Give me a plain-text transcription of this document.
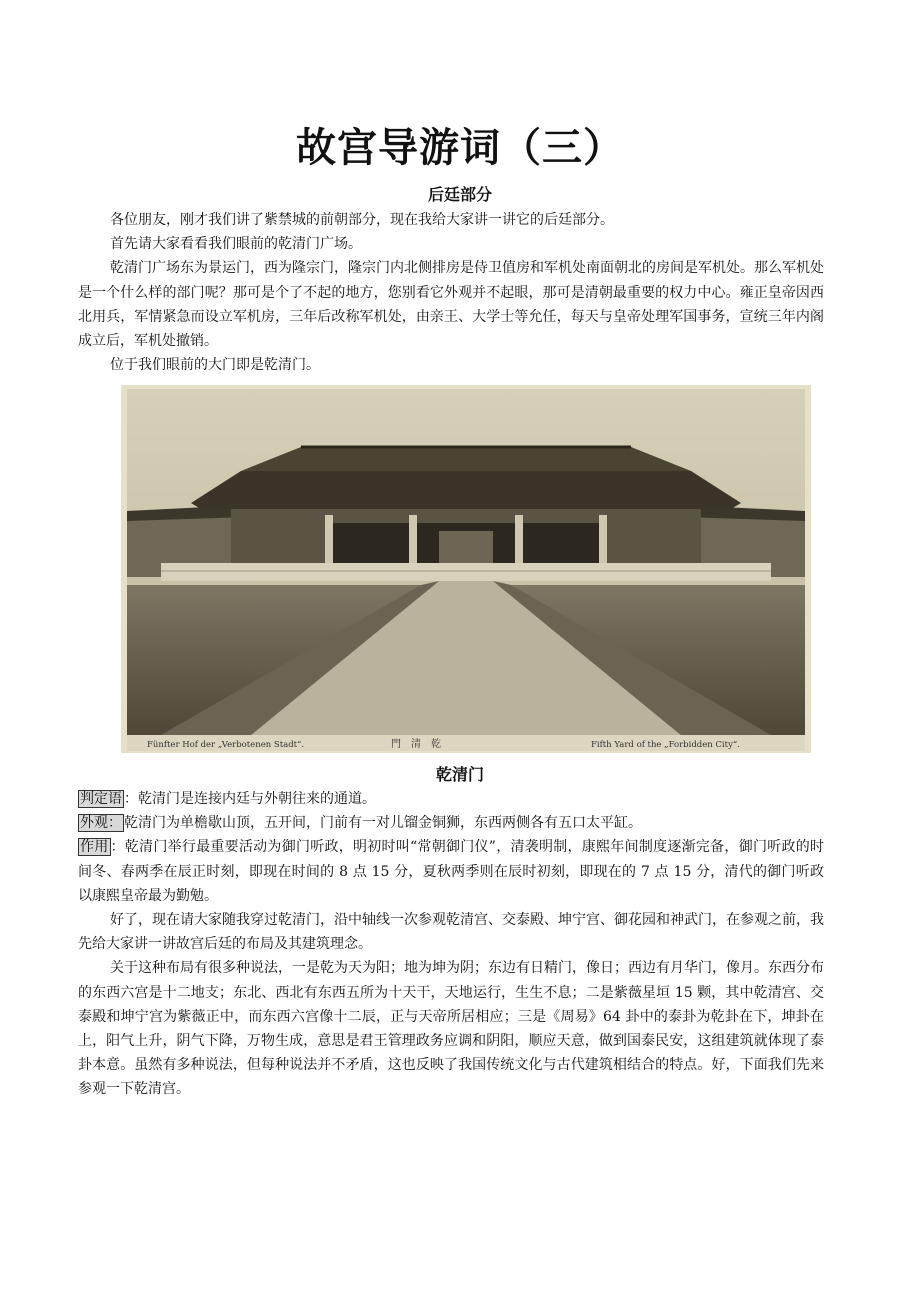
故宫导游词（三）
后廷部分

各位朋友，刚才我们讲了紫禁城的前朝部分，现在我给大家讲一讲它的后廷部分。

首先请大家看看我们眼前的乾清门广场。

乾清门广场东为景运门，西为隆宗门，隆宗门内北侧排房是侍卫值房和军机处南面朝北的房间是军机处。那么军机处是一个什么样的部门呢？那可是个了不起的地方，您别看它外观并不起眼，那可是清朝最重要的权力中心。雍正皇帝因西北用兵，军情紧急而设立军机房，三年后改称军机处，由亲王、大学士等允任，每天与皇帝处理军国事务，宣统三年内阁成立后，军机处撤销。

位于我们眼前的大门即是乾清门。

Fünfter Hof der „Verbotenen Stadt“.	門　清　乾	Fifth Yard of the „Forbidden City“.
乾清门

判定语 ：乾清门是连接内廷与外朝往来的通道。

外观： 乾清门为单檐歇山顶，五开间，门前有一对儿镏金铜狮，东西两侧各有五口太平缸。

作用 ：乾清门举行最重要活动为御门听政，明初时叫“常朝御门仪”，清袭明制，康熙年间制度逐渐完备，御门听政的时间冬、春两季在辰正时刻，即现在时间的 8 点 15 分，夏秋两季则在辰时初刻，即现在的 7 点 15 分，清代的御门听政以康熙皇帝最为勤勉。

好了，现在请大家随我穿过乾清门，沿中轴线一次参观乾清宫、交泰殿、坤宁宫、御花园和神武门，在参观之前，我先给大家讲一讲故宫后廷的布局及其建筑理念。

关于这种布局有很多种说法，一是乾为天为阳；地为坤为阴；东边有日精门，像日；西边有月华门，像月。东西分布的东西六宫是十二地支；东北、西北有东西五所为十天干，天地运行，生生不息；二是紫薇星垣 15 颗，其中乾清宫、交泰殿和坤宁宫为紫薇正中，而东西六宫像十二辰，正与天帝所居相应；三是《周易》64 卦中的泰卦为乾卦在下，坤卦在上，阳气上升，阴气下降，万物生成，意思是君王管理政务应调和阴阳，顺应天意，做到国泰民安，这组建筑就体现了泰卦本意。虽然有多种说法，但每种说法并不矛盾，这也反映了我国传统文化与古代建筑相结合的特点。好，下面我们先来参观一下乾清宫。
